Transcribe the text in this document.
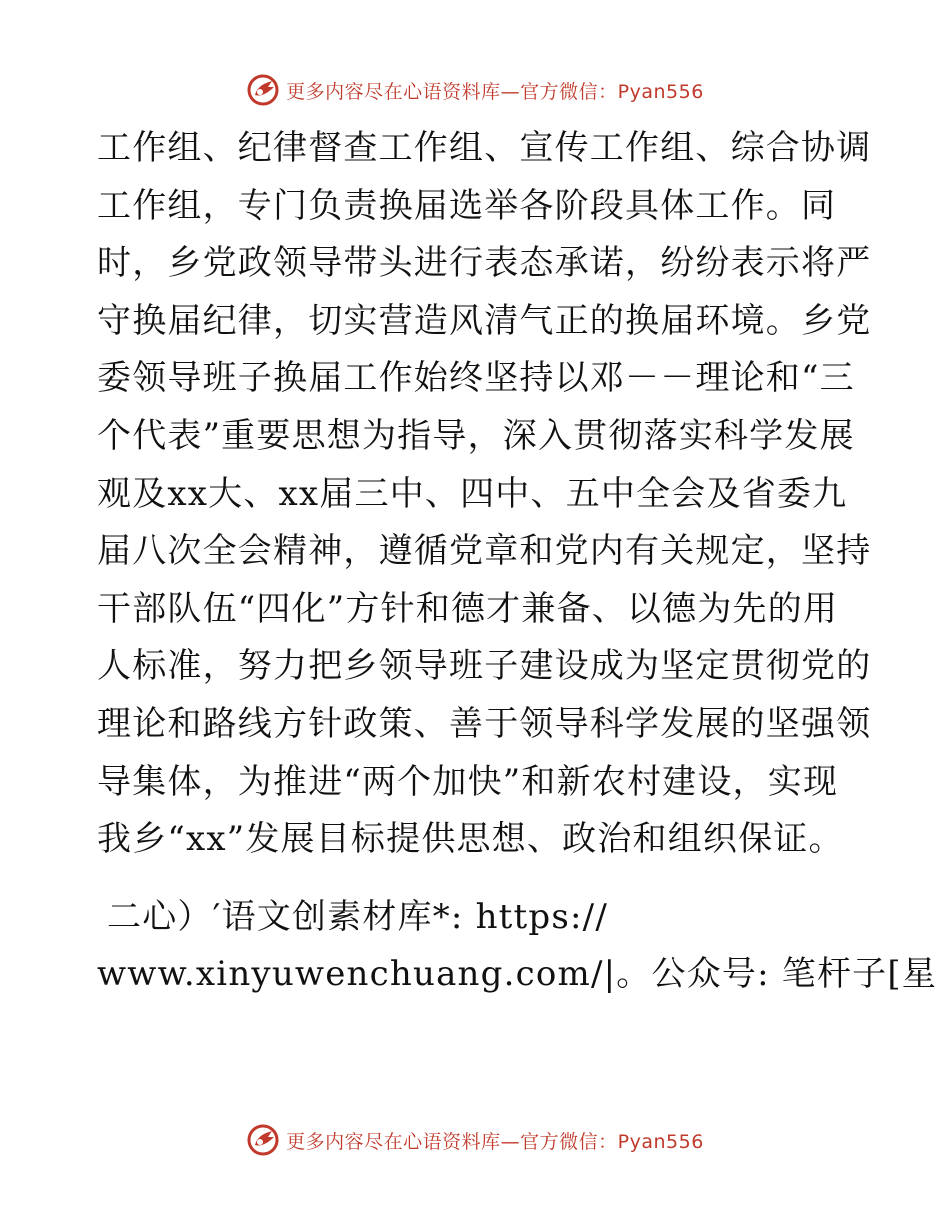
更多内容尽在心语资料库—官方微信：Pyan556
工作组、纪律督查工作组、宣传工作组、综合协调
工作组，专门负责换届选举各阶段具体工作。同
时，乡党政领导带头进行表态承诺，纷纷表示将严
守换届纪律，切实营造风清气正的换届环境。乡党
委领导班子换届工作始终坚持以邓－－理论和“三
个代表”重要思想为指导，深入贯彻落实科学发展
观及xx大、xx届三中、四中、五中全会及省委九
届八次全会精神，遵循党章和党内有关规定，坚持
干部队伍“四化”方针和德才兼备、以德为先的用
人标准，努力把乡领导班子建设成为坚定贯彻党的
理论和路线方针政策、善于领导科学发展的坚强领
导集体，为推进“两个加快”和新农村建设，实现
我乡“xx”发展目标提供思想、政治和组织保证。
二心）′语文创素材库*: https://
www.xinyuwenchuang.com/|。公众号: 笔杆子[星
更多内容尽在心语资料库—官方微信：Pyan556
